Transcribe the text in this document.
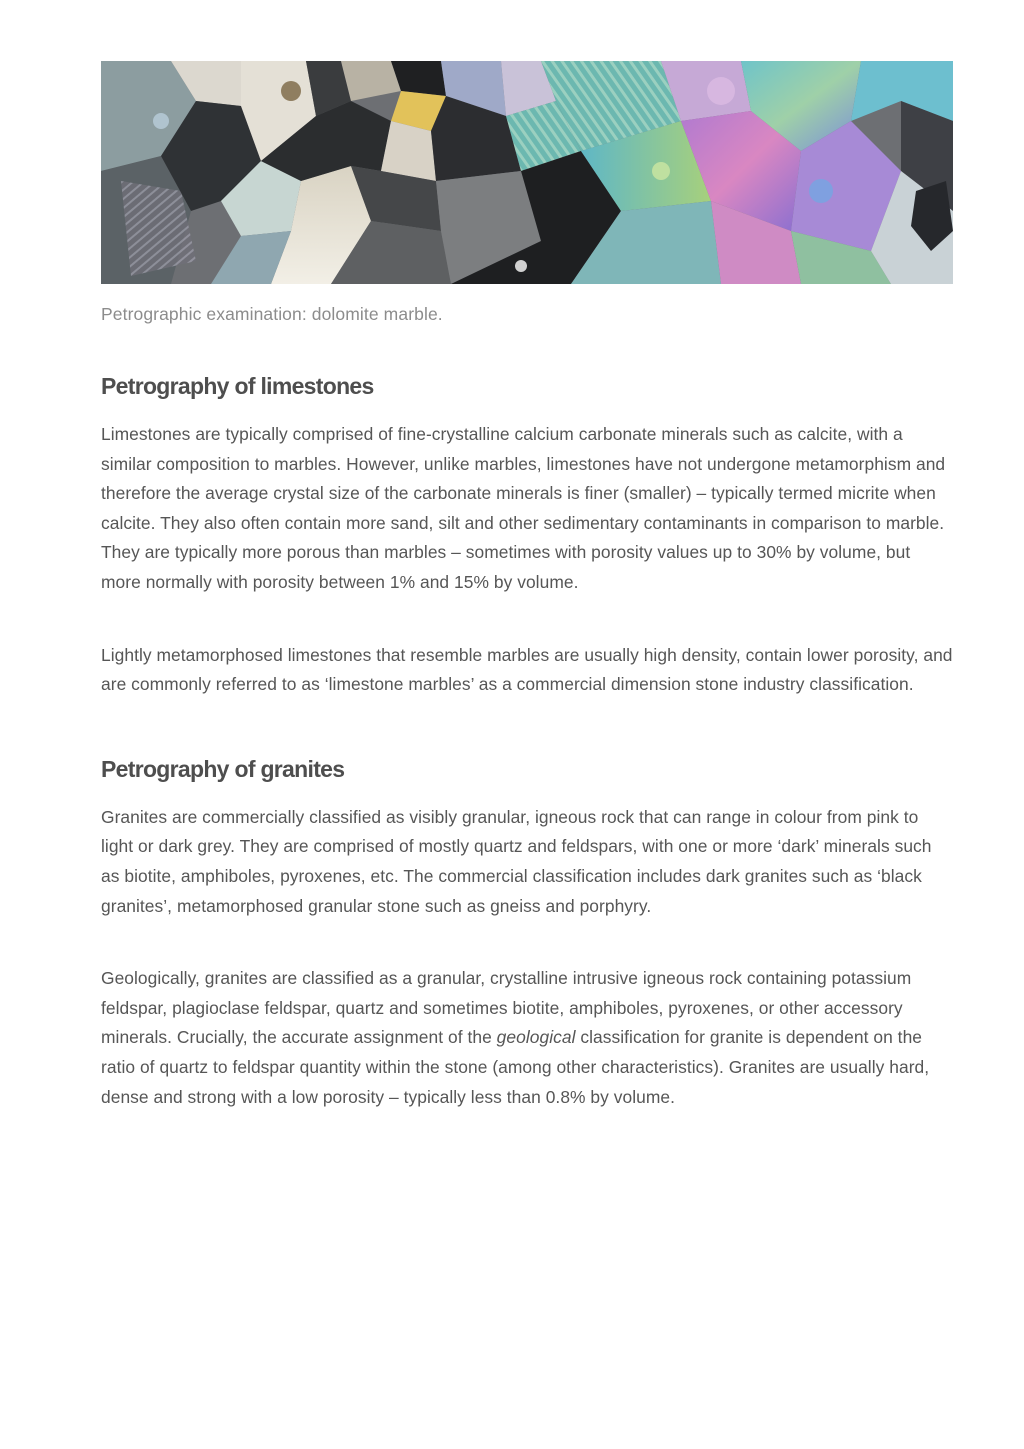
Petrographic examination: dolomite marble.
Petrography of limestones

Limestones are typically comprised of fine-crystalline calcium carbonate minerals such as calcite, with a similar composition to marbles. However, unlike marbles, limestones have not undergone metamorphism and therefore the average crystal size of the carbonate minerals is finer (smaller) – typically termed micrite when calcite. They also often contain more sand, silt and other sedimentary contaminants in comparison to marble. They are typically more porous than marbles – sometimes with porosity values up to 30% by volume, but more normally with porosity between 1% and 15% by volume.

Lightly metamorphosed limestones that resemble marbles are usually high density, contain lower porosity, and are commonly referred to as ‘limestone marbles’ as a commercial dimension stone industry classification.

Petrography of granites

Granites are commercially classified as visibly granular, igneous rock that can range in colour from pink to light or dark grey. They are comprised of mostly quartz and feldspars, with one or more ‘dark’ minerals such as biotite, amphiboles, pyroxenes, etc. The commercial classification includes dark granites such as ‘black granites’, metamorphosed granular stone such as gneiss and porphyry.

Geologically, granites are classified as a granular, crystalline intrusive igneous rock containing potassium feldspar, plagioclase feldspar, quartz and sometimes biotite, amphiboles, pyroxenes, or other accessory minerals. Crucially, the accurate assignment of the geological classification for granite is dependent on the ratio of quartz to feldspar quantity within the stone (among other characteristics). Granites are usually hard, dense and strong with a low porosity – typically less than 0.8% by volume.
